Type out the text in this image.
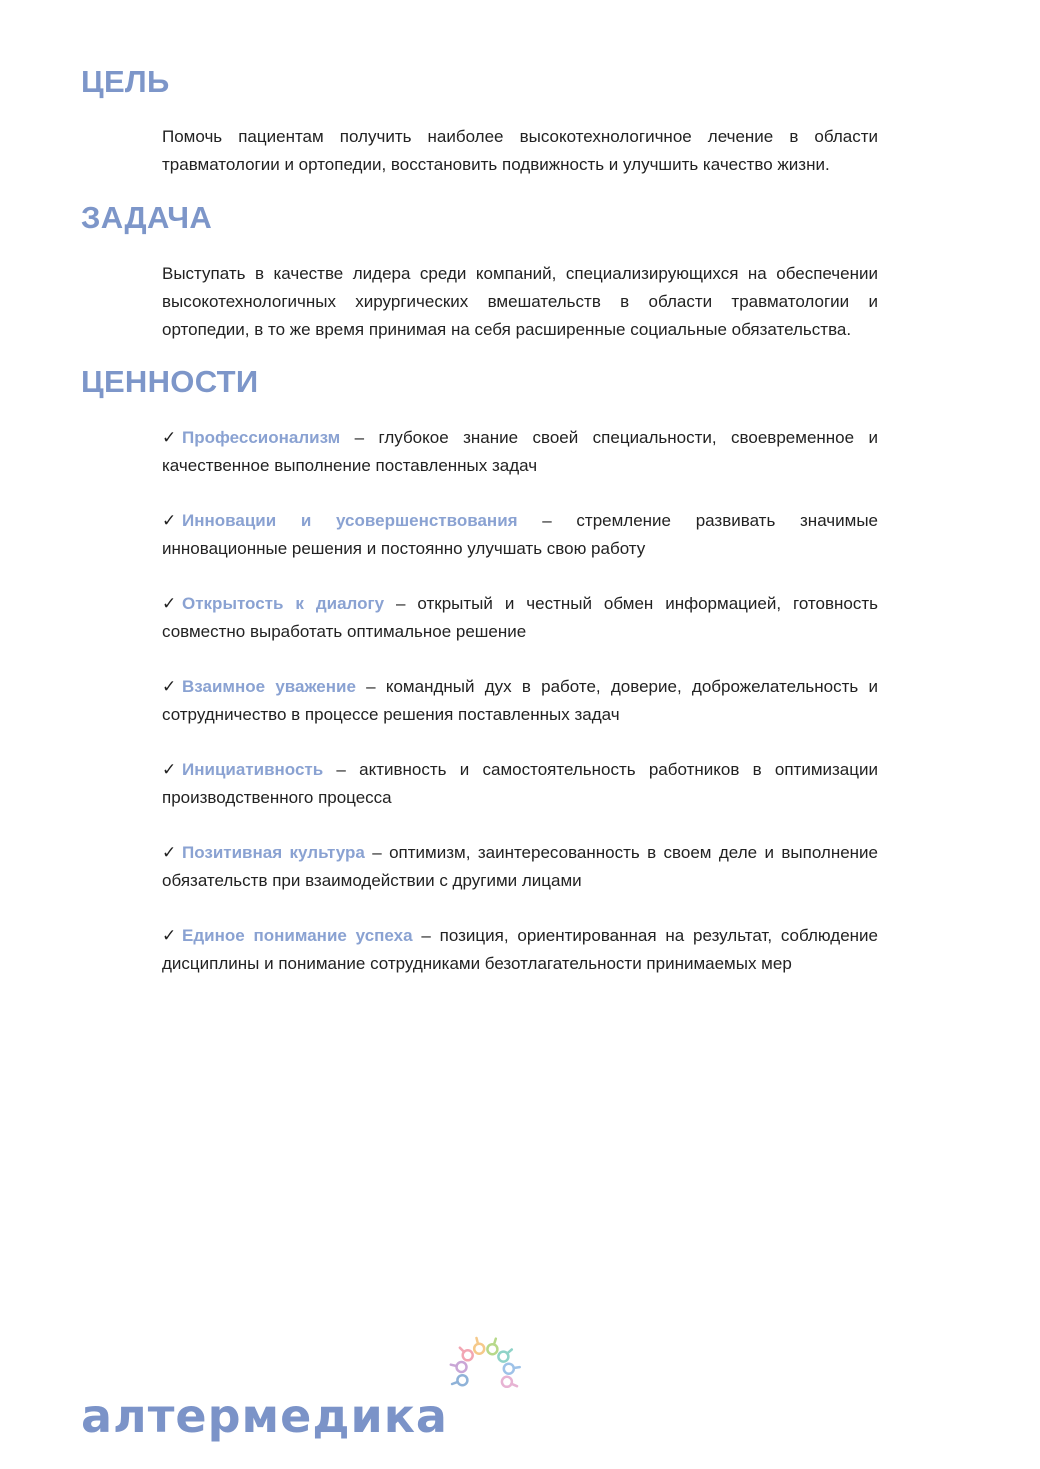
ЦЕЛЬ

Помочь пациентам получить наиболее высокотехнологичное лечение в области травматологии и ортопедии, восстановить подвижность и улучшить качество жизни.

ЗАДАЧА

Выступать в качестве лидера среди компаний, специализирующихся на обеспечении высокотехнологичных хирургических вмешательств в области травматологии и ортопедии, в то же время принимая на себя расширенные социальные обязательства.

ЦЕННОСТИ

✓ Профессионализм – глубокое знание своей специальности, своевременное и качественное выполнение поставленных задач

✓ Инновации и усовершенствования – стремление развивать значимые инновационные решения и постоянно улучшать свою работу

✓ Открытость к диалогу – открытый и честный обмен информацией, готовность совместно выработать оптимальное решение

✓ Взаимное уважение – командный дух в работе, доверие, доброжелательность и сотрудничество в процессе решения поставленных задач

✓ Инициативность – активность и самостоятельность работников в оптимизации производственного процесса

✓ Позитивная культура – оптимизм, заинтересованность в своем деле и выполнение обязательств при взаимодействии с другими лицами

✓ Единое понимание успеха – позиция, ориентированная на результат, соблюдение дисциплины и понимание сотрудниками безотлагательности принимаемых мер

алтермедика
